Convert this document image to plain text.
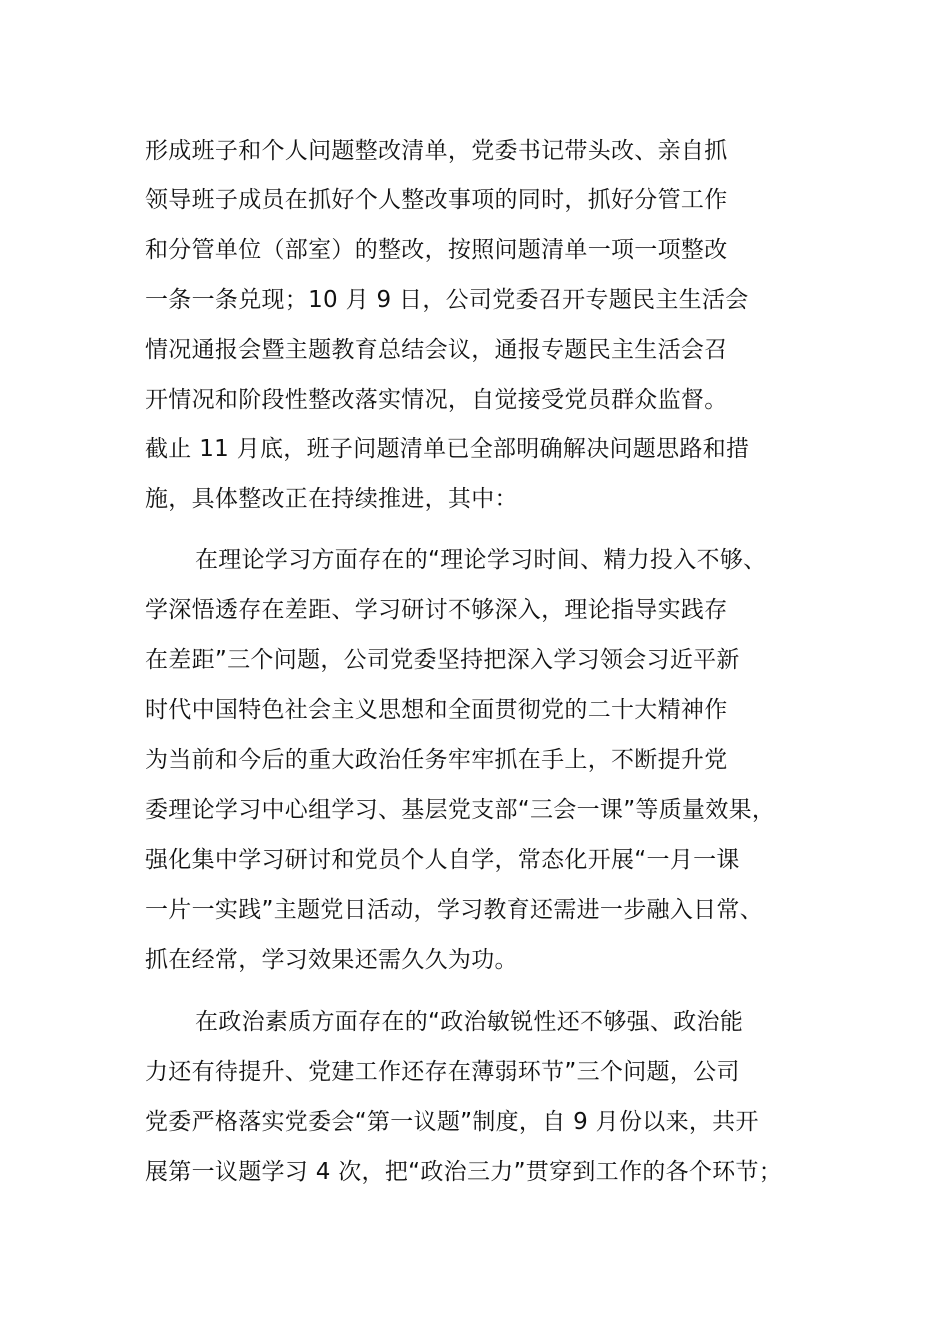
形成班子和个人问题整改清单，党委书记带头改、亲自抓
领导班子成员在抓好个人整改事项的同时，抓好分管工作
和分管单位（部室）的整改，按照问题清单一项一项整改
一条一条兑现；10 月 9 日，公司党委召开专题民主生活会
情况通报会暨主题教育总结会议，通报专题民主生活会召
开情况和阶段性整改落实情况，自觉接受党员群众监督。
截止 11 月底，班子问题清单已全部明确解决问题思路和措
施，具体整改正在持续推进，其中：
在理论学习方面存在的“理论学习时间、精力投入不够、
学深悟透存在差距、学习研讨不够深入，理论指导实践存
在差距”三个问题，公司党委坚持把深入学习领会习近平新
时代中国特色社会主义思想和全面贯彻党的二十大精神作
为当前和今后的重大政治任务牢牢抓在手上，不断提升党
委理论学习中心组学习、基层党支部“三会一课”等质量效果，
强化集中学习研讨和党员个人自学，常态化开展“一月一课
一片一实践”主题党日活动，学习教育还需进一步融入日常、
抓在经常，学习效果还需久久为功。
在政治素质方面存在的“政治敏锐性还不够强、政治能
力还有待提升、党建工作还存在薄弱环节”三个问题，公司
党委严格落实党委会“第一议题”制度，自 9 月份以来，共开
展第一议题学习 4 次，把“政治三力”贯穿到工作的各个环节；
